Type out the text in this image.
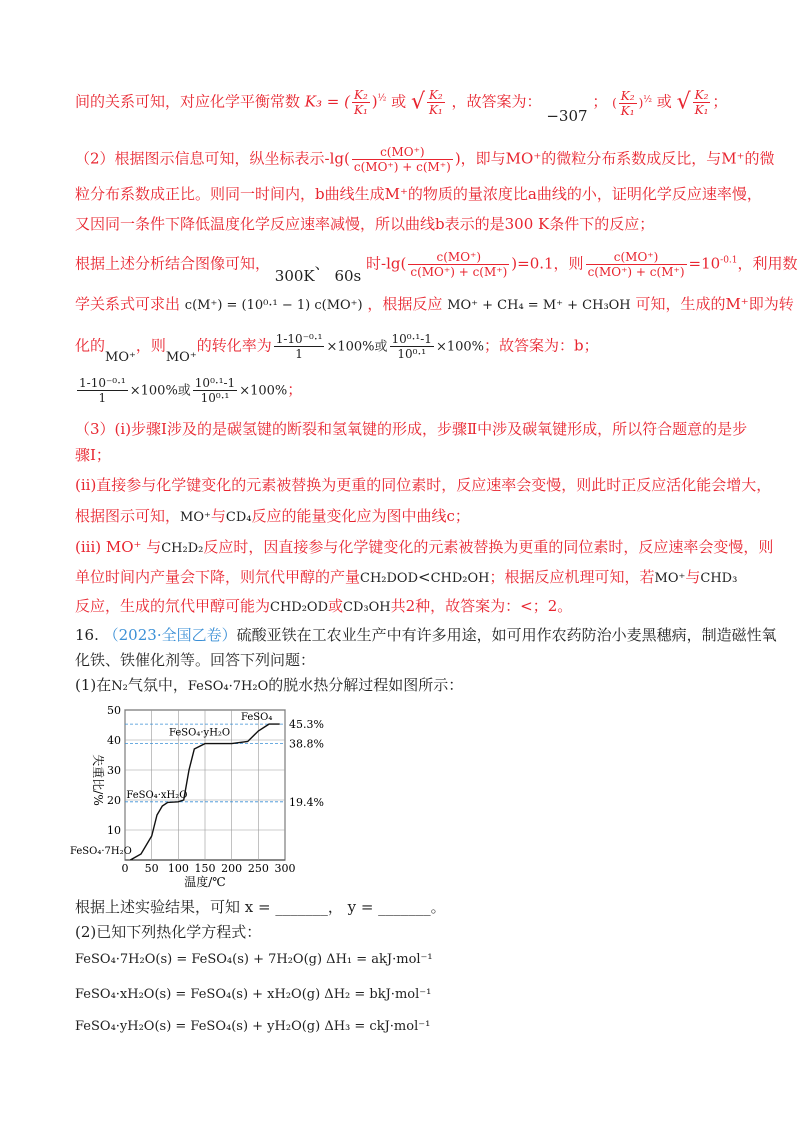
间的关系可知，对应化学平衡常数 K₃ = ( $\frac{\text{K₂}}{\text{K₁}} )^{\frac{1}{2}}$ 或 √ $\frac{\text{K₂}}{\text{K₁}}$ ，故答案为： −307 ； ( $\frac{\text{K₂}}{\text{K₁}} )^{\frac{1}{2}}$ 或 √ $\frac{\text{K₂}}{\text{K₁}}$ ；
（2）根据图示信息可知，纵坐标表示$-\lg( \frac{c(MO^+)}{c(MO^+) + c(M^+)}$ )，即与MO⁺的微粒分布系数成反比，与M⁺的微
粒分布系数成正比。则同一时间内，b曲线生成M⁺的物质的量浓度比a曲线的小，证明化学反应速率慢，
又因同一条件下降低温度化学反应速率减慢，所以曲线b表示的是300 K条件下的反应；
根据上述分析结合图像可知， 300K、 60s 时$-\lg( \frac{c(MO^+)}{c(MO^+) + c(M^+)} )=0.1$，则 $\frac{c(MO^+)}{c(MO^+) + c(M^+)} =10^{-0.1}$，利用数
学关系式可求出 c(M⁺) = (10⁰·¹ − 1) c(MO⁺) ，根据反应 MO⁺ + CH₄ = M⁺ + CH₃OH 可知，生成的M⁺即为转
化的MO⁺，则MO⁺的转化率为 $\frac{\text{1-10⁻⁰·¹}}{1} \times 100\%$或 $\frac{\text{10⁰·¹-1}}{\text{10⁰·¹}} \times 100\%$；故答案为：b；
$\frac{\text{1-10⁻⁰·¹}}{1} \times 100\%$或 $\frac{\text{10⁰·¹-1}}{\text{10⁰·¹}} \times 100\%$；
（3）(i)步骤Ⅰ涉及的是碳氢键的断裂和氢氧键的形成，步骤Ⅱ中涉及碳氧键形成，所以符合题意的是步
骤Ⅰ；
(ii)直接参与化学键变化的元素被替换为更重的同位素时，反应速率会变慢，则此时正反应活化能会增大，
根据图示可知，MO⁺与CD₄反应的能量变化应为图中曲线c；
(iii) MO⁺ 与CH₂D₂反应时，因直接参与化学键变化的元素被替换为更重的同位素时，反应速率会变慢，则
单位时间内产量会下降，则氘代甲醇的产量CH₂DOD<CHD₂OH；根据反应机理可知，若MO⁺与CHD₃
反应，生成的氘代甲醇可能为CHD₂OD或CD₃OH共2种，故答案为：<；2。
16. （2023·全国乙卷）硫酸亚铁在工农业生产中有许多用途，如可用作农药防治小麦黑穗病，制造磁性氧
化铁、铁催化剂等。回答下列问题：
(1)在N₂气氛中，FeSO₄·7H₂O的脱水热分解过程如图所示：
45.3%
38.8%
19.4%
0 50 100 150 200 250 300
10
20
30
40
50
FeSO₄·7H₂O
FeSO₄·xH₂O
FeSO₄·yH₂O
FeSO₄
温度/℃
失重比/%
根据上述实验结果，可知 x = _______， y = _______。
(2)已知下列热化学方程式：
FeSO₄·7H₂O(s) = FeSO₄(s) + 7H₂O(g) ΔH₁ = akJ·mol⁻¹
FeSO₄·xH₂O(s) = FeSO₄(s) + xH₂O(g) ΔH₂ = bkJ·mol⁻¹
FeSO₄·yH₂O(s) = FeSO₄(s) + yH₂O(g) ΔH₃ = ckJ·mol⁻¹
